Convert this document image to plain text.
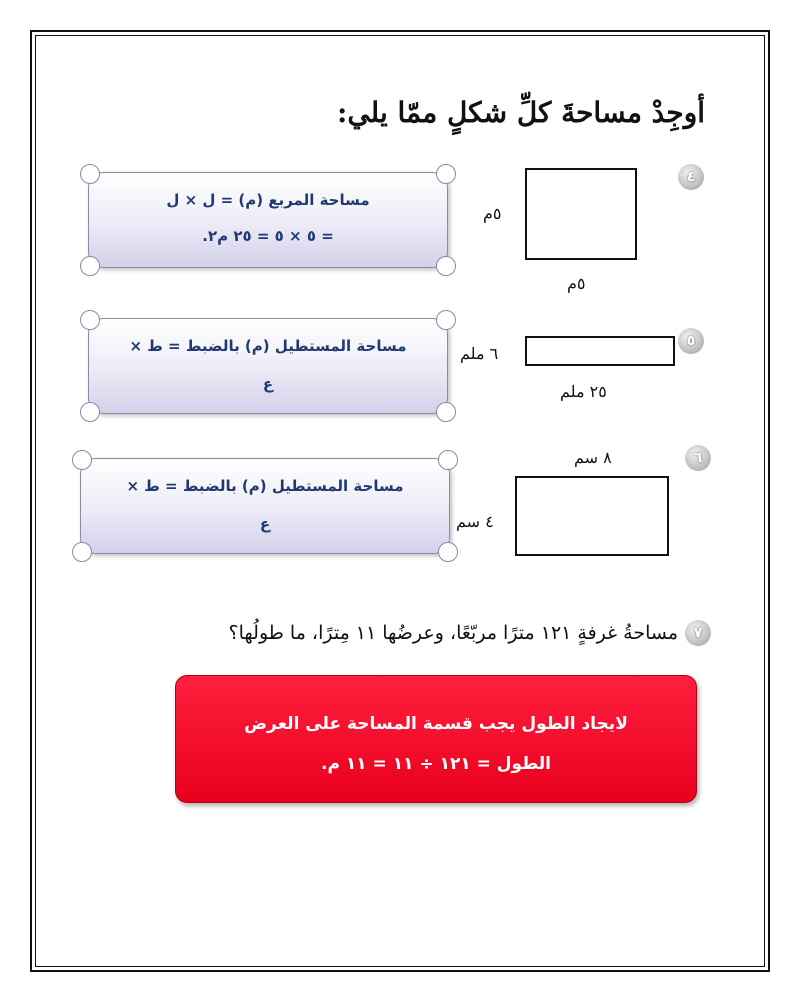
أوجِدْ مساحةَ كلِّ شكلٍ ممّا يلي:
٤
٥م
٥م
مساحة المربع (م) = ل × ل
= ٥ × ٥ = ٢٥ م٢.
٥
٦ ملم
٢٥ ملم
مساحة المستطيل (م) بالضبط = ط ×
ع
٦
٨ سم
٤ سم
مساحة المستطيل (م) بالضبط = ط ×
ع
٧
مساحةُ غرفةٍ ١٢١ مترًا مربّعًا، وعرضُها ١١ مِترًا، ما طولُها؟
لايجاد الطول يجب قسمة المساحة على العرض
الطول = ١٢١ ÷ ١١ = ١١ م.
